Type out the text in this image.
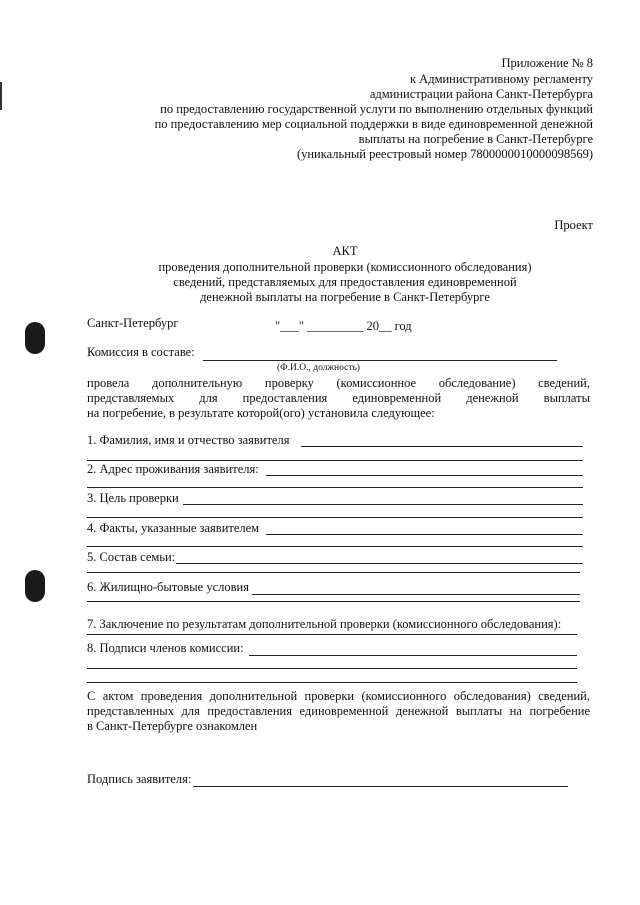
Приложение № 8
к Административному регламенту
администрации района Санкт-Петербурга
по предоставлению государственной услуги по выполнению отдельных функций
по предоставлению мер социальной поддержки в виде единовременной денежной
выплаты на погребение в Санкт-Петербурге
(уникальный реестровый номер 7800000010000098569)
Проект
АКТ
проведения дополнительной проверки (комиссионного обследования)
сведений, представляемых для предоставления единовременной
денежной выплаты на погребение в Санкт-Петербурге
Санкт-Петербург	"___" _________ 20__ год
Комиссия в составе:
(Ф.И.О., должность)
провела дополнительную проверку (комиссионное обследование) сведений,
представляемых для предоставления единовременной денежной выплаты
на погребение, в результате которой(ого) установила следующее:
1. Фамилия, имя и отчество заявителя
2. Адрес проживания заявителя:
3. Цель проверки
4. Факты, указанные заявителем
5. Состав семьи:
6. Жилищно-бытовые условия
7. Заключение по результатам дополнительной проверки (комиссионного обследования):
8. Подписи членов комиссии:
С актом проведения дополнительной проверки (комиссионного обследования) сведений,
представленных для предоставления единовременной денежной выплаты на погребение
в Санкт-Петербурге ознакомлен
Подпись заявителя:
